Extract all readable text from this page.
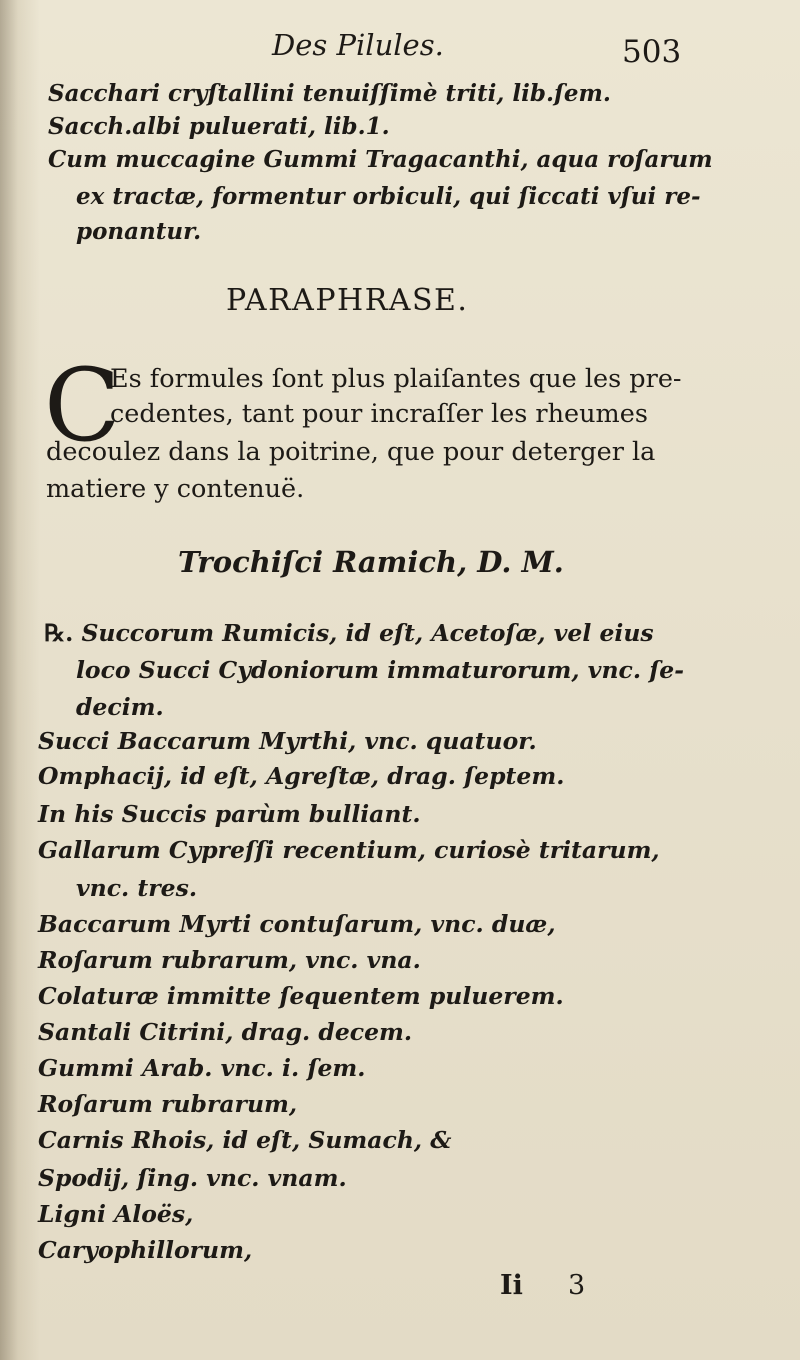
Des Pilules.	503
Sacchari cryſtallini tenuiſſimè triti, lib.ſem.
Sacch.albi puluerati, lib.1.
Cum muccagine Gummi Tragacanthi, aqua roſarum
ex tractæ, formentur orbiculi, qui ſiccati vſui re-
ponantur.
PARAPHRASE.
C
Es formules ſont plus plaiſantes que les pre-
cedentes, tant pour incraſſer les rheumes
decoulez dans la poitrine, que pour deterger la
matiere y contenuë.
Trochiſci Ramich, D. M.
℞. Succorum Rumicis, id eſt, Acetoſæ, vel eius
loco Succi Cydoniorum immaturorum, vnc. ſe-
decim.
Succi Baccarum Myrthi, vnc. quatuor.
Omphacij, id eſt, Agreſtæ, drag. ſeptem.
In his Succis parùm bulliant.
Gallarum Cypreſſi recentium, curiosè tritarum,
vnc. tres.
Baccarum Myrti contuſarum, vnc. duæ,
Roſarum rubrarum, vnc. vna.
Colaturæ immitte ſequentem puluerem.
Santali Citrini, drag. decem.
Gummi Arab. vnc. i. ſem.
Roſarum rubrarum,
Carnis Rhois, id eſt, Sumach, &
Spodij, ſing. vnc. vnam.
Ligni Aloës,
Caryophillorum,
Ii 3
